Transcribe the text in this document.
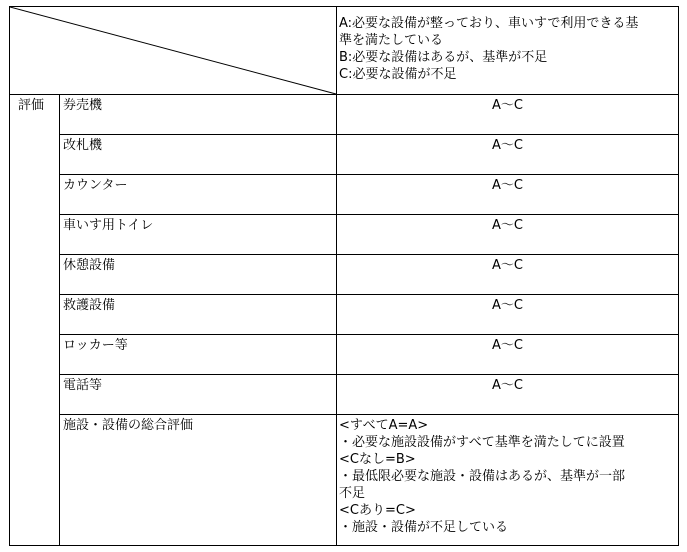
A:必要な設備が整っており、車いすで利用できる基
準を満たしている
B:必要な設備はあるが、基準が不足
C:必要な設備が不足
評価	券売機	A～C
改札機	A～C
カウンター	A～C
車いす用トイレ	A～C
休憩設備	A～C
救護設備	A～C
ロッカー等	A～C
電話等	A～C
施設・設備の総合評価	<すべてA=A>
・必要な施設設備がすべて基準を満たしてに設置
<Cなし=B>
・最低限必要な施設・設備はあるが、基準が一部
不足
<Cあり=C>
・施設・設備が不足している
